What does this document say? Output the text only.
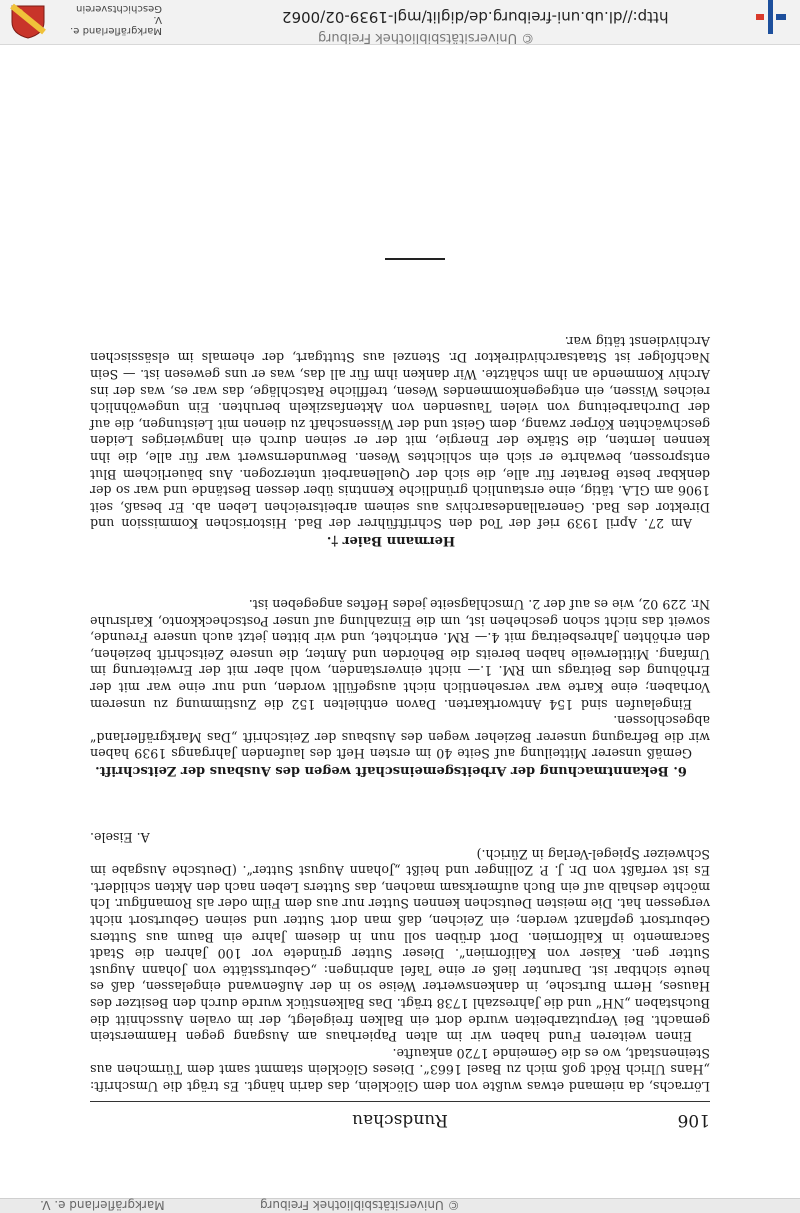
Markgräflerland e. V.
Geschichtsverein	http://dl.ub.uni-freiburg.de/diglit/mgl-1939-02/0062
© Universitätsbibliothek Freiburg
106
Rundschau

Lörrachs, da niemand etwas wußte von dem Glöcklein, das darin hängt. Es trägt die Umschrift: „Hans Ulrich Rödt goß mich zu Basel 1663“. Dieses Glöcklein stammt samt dem Türmchen aus Steinenstadt, wo es die Gemeinde 1720 ankaufte.

Einen weiteren Fund haben wir im alten Papierhaus am Ausgang gegen Hammerstein gemacht. Bei Verputzarbeiten wurde dort ein Balken freigelegt, der im ovalen Ausschnitt die Buchstaben „NH“ und die Jahreszahl 1738 trägt. Das Balkenstück wurde durch den Besitzer des Hauses, Herrn Burtsche, in dankenswerter Weise so in der Außenwand eingelassen, daß es heute sichtbar ist. Darunter ließ er eine Tafel anbringen: „Geburtsstätte von Johann August Sutter gen. Kaiser von Kalifornien“. Dieser Sutter gründete vor 100 Jahren die Stadt Sacramento in Kalifornien. Dort drüben soll nun in diesem Jahre ein Baum aus Sutters Geburtsort gepflanzt werden; ein Zeichen, daß man dort Sutter und seinen Geburtsort nicht vergessen hat. Die meisten Deutschen kennen Sutter nur aus dem Film oder als Romanfigur. Ich möchte deshalb auf ein Buch aufmerksam machen, das Sutters Leben nach den Akten schildert. Es ist verfaßt von Dr. J. P. Zollinger und heißt „Johann August Sutter“. (Deutsche Ausgabe im Schweizer Spiegel-Verlag in Zürich.)

A. Eisele.

6. Bekanntmachung der Arbeitsgemeinschaft wegen des Ausbaus der Zeitschrift.

Gemäß unserer Mitteilung auf Seite 40 im ersten Heft des laufenden Jahrgangs 1939 haben wir die Befragung unserer Bezieher wegen des Ausbaus der Zeitschrift „Das Markgräflerland“ abgeschlossen.

Eingelaufen sind 154 Antwortkarten. Davon enthielten 152 die Zustimmung zu unserem Vorhaben; eine Karte war versehentlich nicht ausgefüllt worden, und nur eine war mit der Erhöhung des Beitrags um RM. 1.— nicht einverstanden, wohl aber mit der Erweiterung im Umfang. Mittlerweile haben bereits die Behörden und Ämter, die unsere Zeitschrift beziehen, den erhöhten Jahresbeitrag mit 4.— RM. entrichtet, und wir bitten jetzt auch unsere Freunde, soweit das nicht schon geschehen ist, um die Einzahlung auf unser Postscheckkonto, Karlsruhe Nr. 229 02, wie es auf der 2. Umschlagseite jedes Heftes angegeben ist.

Hermann Baier †.

Am 27. April 1939 rief der Tod den Schriftführer der Bad. Historischen Kommission und Direktor des Bad. Generallandesarchivs aus seinem arbeitsreichen Leben ab. Er besaß, seit 1906 am GLA. tätig, eine erstaunlich gründliche Kenntnis über dessen Bestände und war so der denkbar beste Berater für alle, die sich der Quellenarbeit unterzogen. Aus bäuerlichem Blut entsprossen, bewahrte er sich ein schlichtes Wesen. Bewundernswert war für alle, die ihn kennen lernten, die Stärke der Energie, mit der er seinen durch ein langwieriges Leiden geschwächten Körper zwang, dem Geist und der Wissenschaft zu dienen mit Leistungen, die auf der Durcharbeitung von vielen Tausenden von Aktenfaszikeln beruhten. Ein ungewöhnlich reiches Wissen, ein entgegenkommendes Wesen, treffliche Ratschläge, das war es, was der ins Archiv Kommende an ihm schätzte. Wir danken ihm für all das, was er uns gewesen ist. — Sein Nachfolger ist Staatsarchivdirektor Dr. Stenzel aus Stuttgart, der ehemals im elsässischen Archivdienst tätig war.

© Universitätsbibliothek Freiburg
Markgräflerland e. V.
